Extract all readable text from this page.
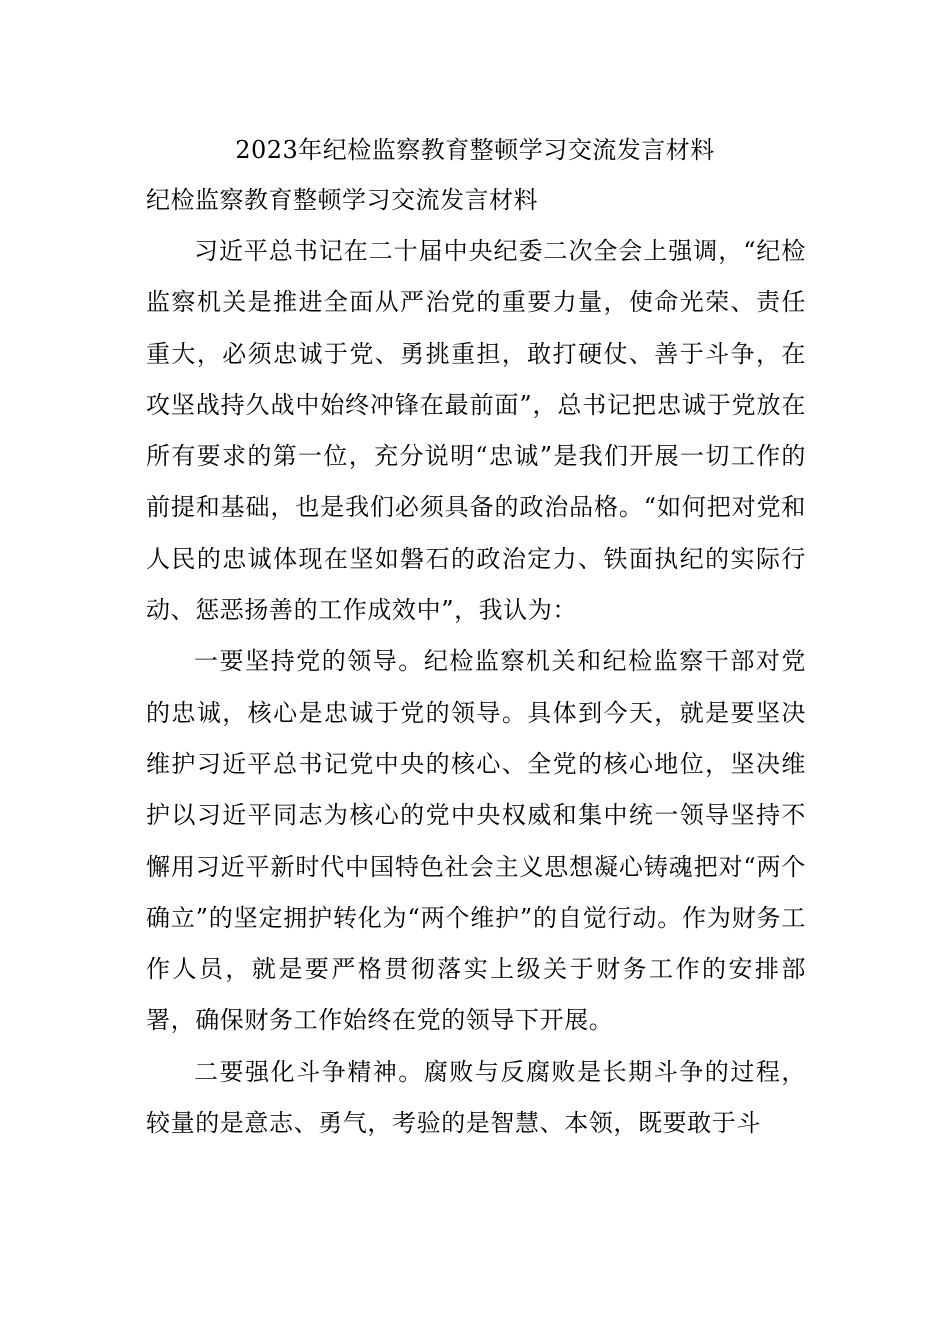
2023年纪检监察教育整顿学习交流发言材料
纪检监察教育整顿学习交流发言材料

习近平总书记在二十届中央纪委二次全会上强调，“纪检监察机关是推进全面从严治党的重要力量，使命光荣、责任重大，必须忠诚于党、勇挑重担，敢打硬仗、善于斗争，在攻坚战持久战中始终冲锋在最前面”，总书记把忠诚于党放在所有要求的第一位，充分说明“忠诚”是我们开展一切工作的前提和基础，也是我们必须具备的政治品格。“如何把对党和人民的忠诚体现在坚如磐石的政治定力、铁面执纪的实际行动、惩恶扬善的工作成效中”，我认为：

一要坚持党的领导。纪检监察机关和纪检监察干部对党的忠诚，核心是忠诚于党的领导。具体到今天，就是要坚决维护习近平总书记党中央的核心、全党的核心地位，坚决维护以习近平同志为核心的党中央权威和集中统一领导坚持不懈用习近平新时代中国特色社会主义思想凝心铸魂把对“两个确立”的坚定拥护转化为“两个维护”的自觉行动。作为财务工作人员，就是要严格贯彻落实上级关于财务工作的安排部署，确保财务工作始终在党的领导下开展。

二要强化斗争精神。腐败与反腐败是长期斗争的过程，较量的是意志、勇气，考验的是智慧、本领，既要敢于斗
